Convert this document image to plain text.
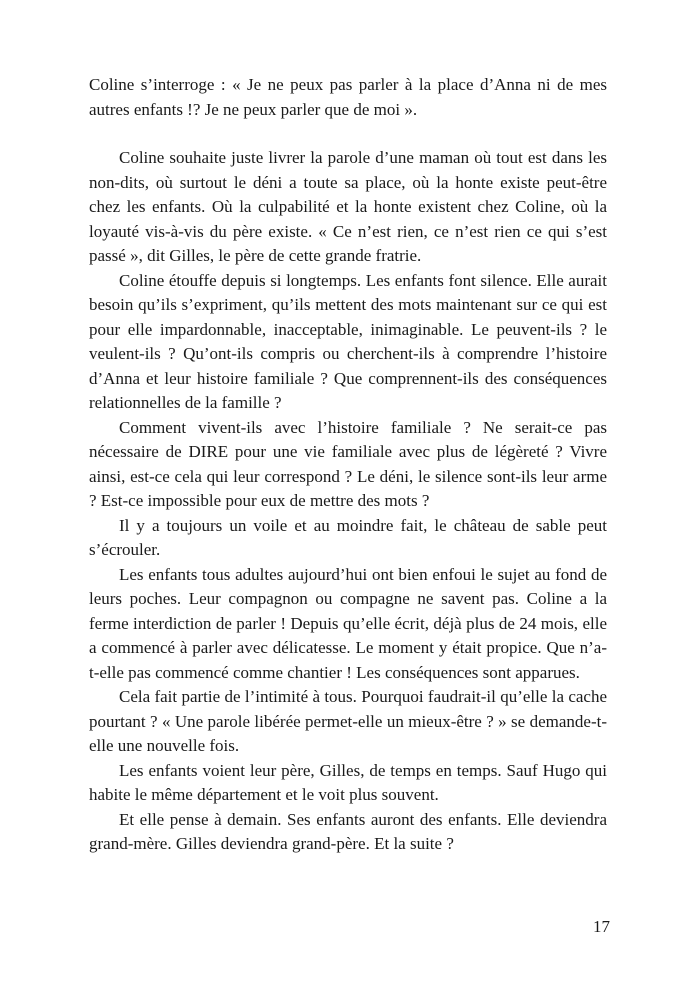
Coline s’interroge : « Je ne peux pas parler à la place d’Anna ni de mes autres enfants !? Je ne peux parler que de moi ».

Coline souhaite juste livrer la parole d’une maman où tout est dans les non-dits, où surtout le déni a toute sa place, où la honte existe peut-être chez les enfants. Où la culpabilité et la honte existent chez Coline, où la loyauté vis-à-vis du père existe. « Ce n’est rien, ce n’est rien ce qui s’est passé », dit Gilles, le père de cette grande fratrie.

Coline étouffe depuis si longtemps. Les enfants font silence. Elle aurait besoin qu’ils s’expriment, qu’ils mettent des mots maintenant sur ce qui est pour elle impardonnable, inacceptable, inimaginable. Le peuvent-ils ? le veulent-ils ? Qu’ont-ils compris ou cherchent-ils à comprendre l’histoire d’Anna et leur histoire familiale ? Que comprennent-ils des conséquences relationnelles de la famille ?

Comment vivent-ils avec l’histoire familiale ? Ne serait-ce pas nécessaire de DIRE pour une vie familiale avec plus de légèreté ? Vivre ainsi, est-ce cela qui leur correspond ? Le déni, le silence sont-ils leur arme ? Est-ce impossible pour eux de mettre des mots ?

Il y a toujours un voile et au moindre fait, le château de sable peut s’écrouler.

Les enfants tous adultes aujourd’hui ont bien enfoui le sujet au fond de leurs poches. Leur compagnon ou compagne ne savent pas. Coline a la ferme interdiction de parler ! Depuis qu’elle écrit, déjà plus de 24 mois, elle a commencé à parler avec délicatesse. Le moment y était propice. Que n’a-t-elle pas commencé comme chantier ! Les conséquences sont apparues.

Cela fait partie de l’intimité à tous. Pourquoi faudrait-il qu’elle la cache pourtant ? « Une parole libérée permet-elle un mieux-être ? » se demande-t-elle une nouvelle fois.

Les enfants voient leur père, Gilles, de temps en temps. Sauf Hugo qui habite le même département et le voit plus souvent.

Et elle pense à demain. Ses enfants auront des enfants. Elle deviendra grand-mère. Gilles deviendra grand-père. Et la suite ?

17
